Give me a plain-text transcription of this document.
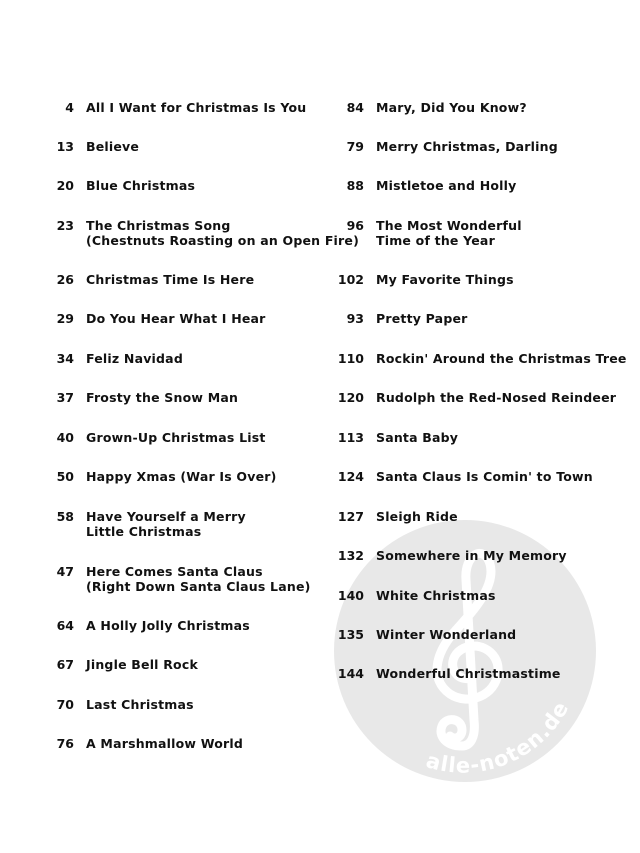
alle-noten.de
4 All I Want for Christmas Is You
13 Believe
20 Blue Christmas
23 The Christmas Song
(Chestnuts Roasting on an Open Fire)
26 Christmas Time Is Here
29 Do You Hear What I Hear
34 Feliz Navidad
37 Frosty the Snow Man
40 Grown-Up Christmas List
50 Happy Xmas (War Is Over)
58 Have Yourself a Merry
Little Christmas
47 Here Comes Santa Claus
(Right Down Santa Claus Lane)
64 A Holly Jolly Christmas
67 Jingle Bell Rock
70 Last Christmas
76 A Marshmallow World
84 Mary, Did You Know?
79 Merry Christmas, Darling
88 Mistletoe and Holly
96 The Most Wonderful
Time of the Year
102 My Favorite Things
93 Pretty Paper
110 Rockin' Around the Christmas Tree
120 Rudolph the Red-Nosed Reindeer
113 Santa Baby
124 Santa Claus Is Comin' to Town
127 Sleigh Ride
132 Somewhere in My Memory
140 White Christmas
135 Winter Wonderland
144 Wonderful Christmastime
